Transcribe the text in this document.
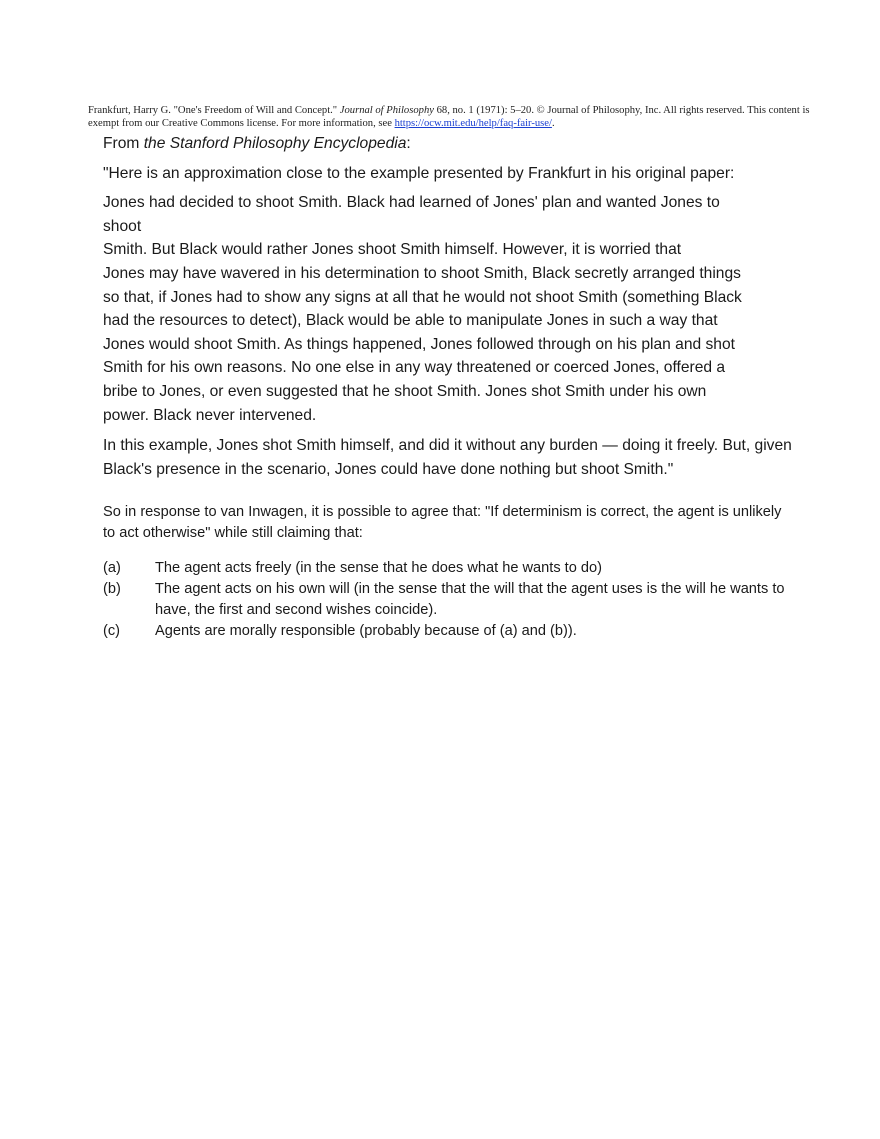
Frankfurt, Harry G. "One's Freedom of Will and Concept." Journal of Philosophy 68, no. 1 (1971): 5–20. © Journal of Philosophy, Inc. All rights reserved. This content is exempt from our Creative Commons license. For more information, see https://ocw.mit.edu/help/faq-fair-use/.

From the Stanford Philosophy Encyclopedia:

"Here is an approximation close to the example presented by Frankfurt in his original paper:

Jones had decided to shoot Smith. Black had learned of Jones' plan and wanted Jones to
shoot
Smith. But Black would rather Jones shoot Smith himself. However, it is worried that
Jones may have wavered in his determination to shoot Smith, Black secretly arranged things
so that, if Jones had to show any signs at all that he would not shoot Smith (something Black
had the resources to detect), Black would be able to manipulate Jones in such a way that
Jones would shoot Smith. As things happened, Jones followed through on his plan and shot
Smith for his own reasons. No one else in any way threatened or coerced Jones, offered a
bribe to Jones, or even suggested that he shoot Smith. Jones shot Smith under his own
power. Black never intervened.

In this example, Jones shot Smith himself, and did it without any burden — doing it freely. But, given Black's presence in the scenario, Jones could have done nothing but shoot Smith."

So in response to van Inwagen, it is possible to agree that: "If determinism is correct, the agent is unlikely to act otherwise" while still claiming that:

(a)	The agent acts freely (in the sense that he does what he wants to do)
(b)	The agent acts on his own will (in the sense that the will that the agent uses is the will he wants to have, the first and second wishes coincide).
(c)	Agents are morally responsible (probably because of (a) and (b)).
